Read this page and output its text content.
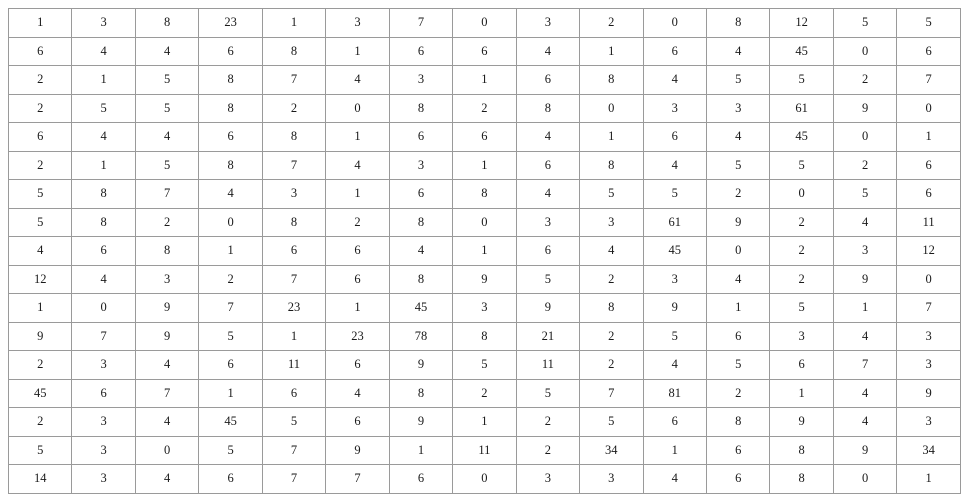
1	3	8	23	1	3	7	0	3	2	0	8	12	5	5
6	4	4	6	8	1	6	6	4	1	6	4	45	0	6
2	1	5	8	7	4	3	1	6	8	4	5	5	2	7
2	5	5	8	2	0	8	2	8	0	3	3	61	9	0
6	4	4	6	8	1	6	6	4	1	6	4	45	0	1
2	1	5	8	7	4	3	1	6	8	4	5	5	2	6
5	8	7	4	3	1	6	8	4	5	5	2	0	5	6
5	8	2	0	8	2	8	0	3	3	61	9	2	4	11
4	6	8	1	6	6	4	1	6	4	45	0	2	3	12
12	4	3	2	7	6	8	9	5	2	3	4	2	9	0
1	0	9	7	23	1	45	3	9	8	9	1	5	1	7
9	7	9	5	1	23	78	8	21	2	5	6	3	4	3
2	3	4	6	11	6	9	5	11	2	4	5	6	7	3
45	6	7	1	6	4	8	2	5	7	81	2	1	4	9
2	3	4	45	5	6	9	1	2	5	6	8	9	4	3
5	3	0	5	7	9	1	11	2	34	1	6	8	9	34
14	3	4	6	7	7	6	0	3	3	4	6	8	0	1
